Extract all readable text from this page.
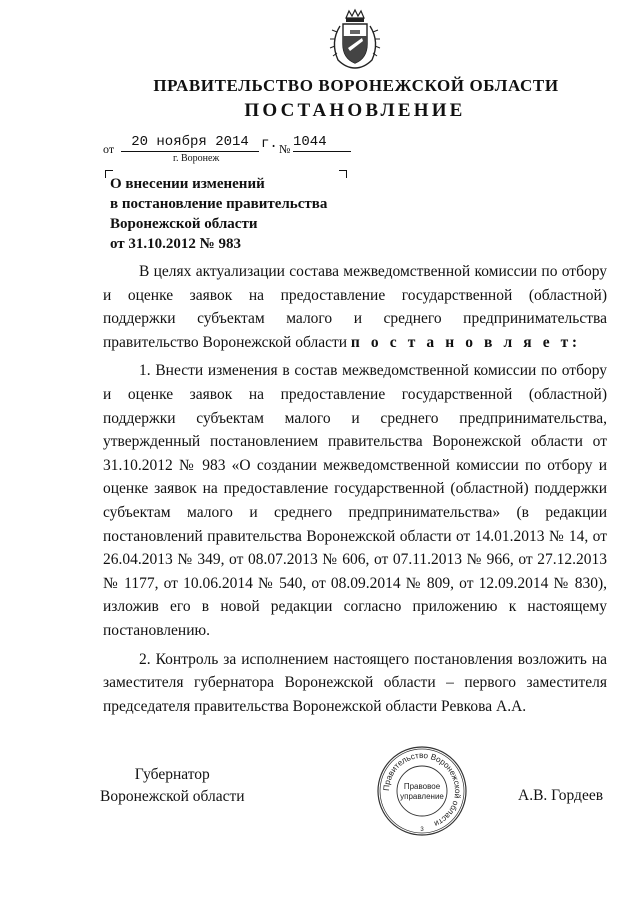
ПРАВИТЕЛЬСТВО ВОРОНЕЖСКОЙ ОБЛАСТИ
ПОСТАНОВЛЕНИЕ
от	20 ноября 2014 г. № 1044
г. Воронеж
О внесении изменений
в постановление правительства
Воронежской области
от 31.10.2012 № 983

В целях актуализации состава межведомственной комиссии по отбору и оценке заявок на предоставление государственной (областной) поддержки субъектам малого и среднего предпринимательства правительство Воронежской области п о с т а н о в л я е т:

1. Внести изменения в состав межведомственной комиссии по отбору и оценке заявок на предоставление государственной (областной) поддержки субъектам малого и среднего предпринимательства, утвержденный постановлением правительства Воронежской области от 31.10.2012 № 983 «О создании межведомственной комиссии по отбору и оценке заявок на предоставление государственной (областной) поддержки субъектам малого и среднего предпринимательства» (в редакции постановлений правительства Воронежской области от 14.01.2013 № 14, от 26.04.2013 № 349, от 08.07.2013 № 606, от 07.11.2013 № 966, от 27.12.2013 № 1177, от 10.06.2014 № 540, от 08.09.2014 № 809, от 12.09.2014 № 830), изложив его в новой редакции согласно приложению к настоящему постановлению.

2. Контроль за исполнением настоящего постановления возложить на заместителя губернатора Воронежской области – первого заместителя председателя правительства Воронежской области Ревкова А.А.

Губернатор
Воронежской области
Правительство Воронежской области
Правовое
управление
3
А.В. Гордеев
